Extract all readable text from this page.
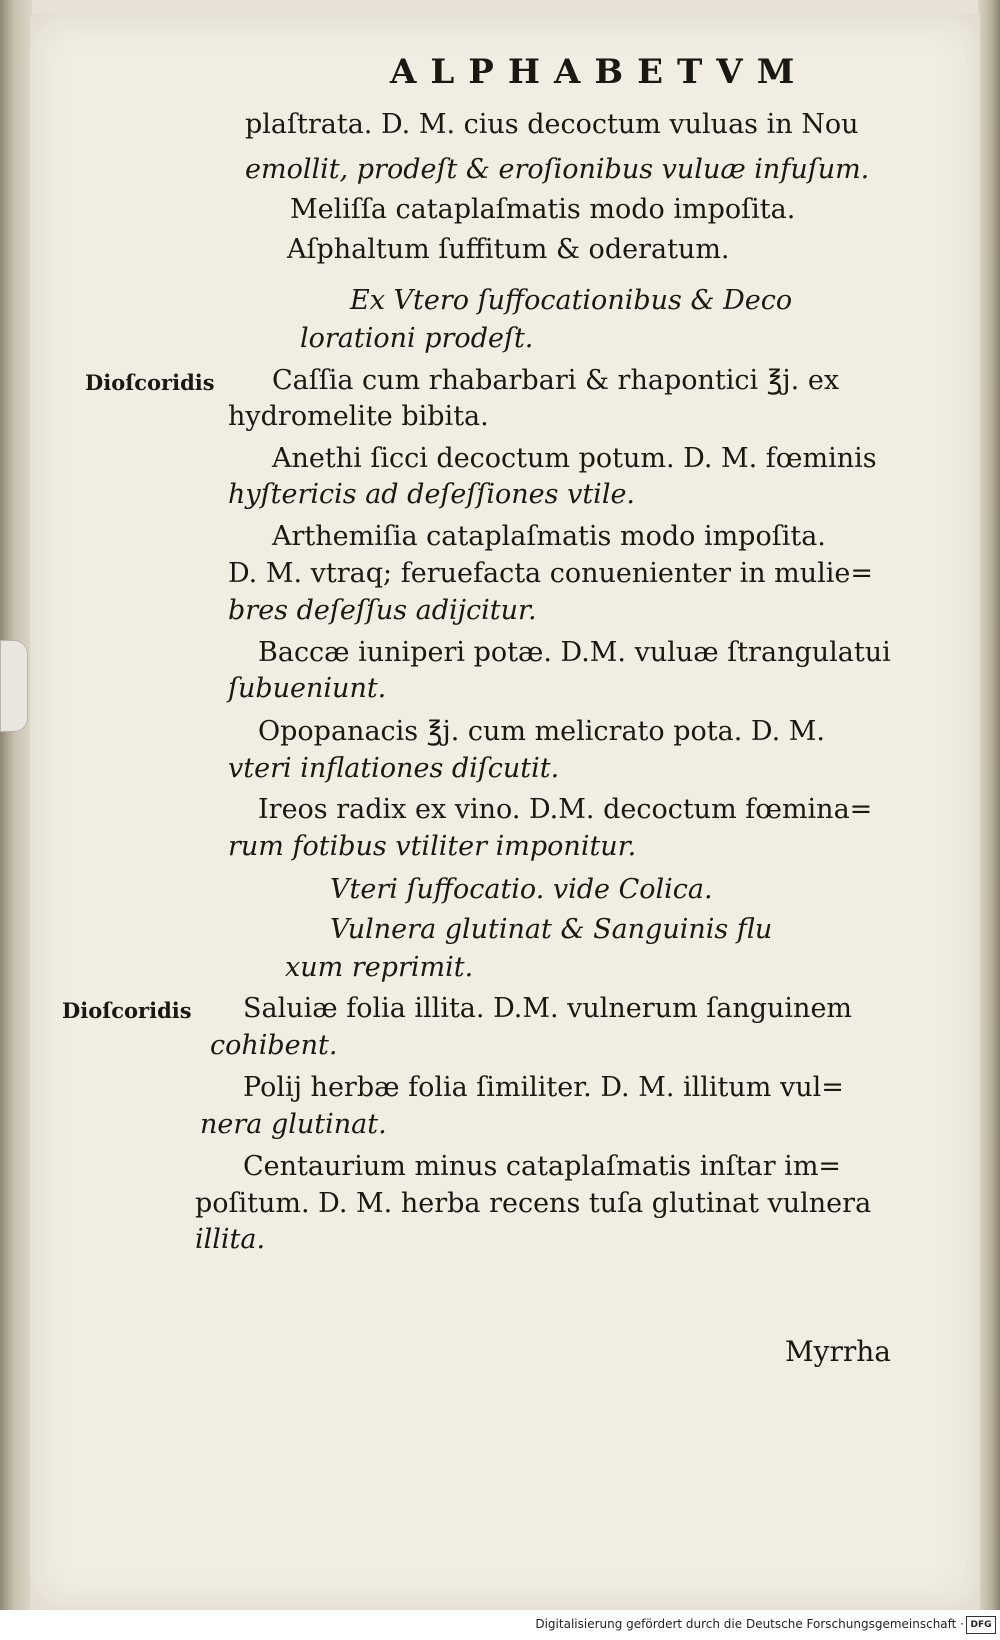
ALPHABETVM
plaſtrata. D. M. cius decoctum vuluas in Nou
emollit, prodeſt & eroſionibus vuluæ infuſum.
Meliſſa cataplaſmatis modo impoſita.
Aſphaltum ſuffitum & oderatum.
Ex Vtero ſuffocationibus & Deco
lorationi prodeſt.
Dioſcoridis Caſſia cum rhabarbari & rhapontici ℥j. ex
hydromelite bibita.
Anethi ſicci decoctum potum. D. M. fœminis
hyſtericis ad deſeſſiones vtile.
Arthemiſia cataplaſmatis modo impoſita.
D. M. vtraq; feruefacta conuenienter in mulie=
bres deſeſſus adijcitur.
Baccæ iuniperi potæ. D.M. vuluæ ſtrangulatui
ſubueniunt.
Opopanacis ℥j. cum melicrato pota. D. M.
vteri inflationes diſcutit.
Ireos radix ex vino. D.M. decoctum fœmina=
rum fotibus vtiliter imponitur.
Vteri ſuffocatio. vide Colica.
Vulnera glutinat & Sanguinis flu
xum reprimit.
Dioſcoridis Saluiæ folia illita. D.M. vulnerum ſanguinem
cohibent.
Polij herbæ folia ſimiliter. D. M. illitum vul=
nera glutinat.
Centaurium minus cataplaſmatis inſtar im=
poſitum. D. M. herba recens tuſa glutinat vulnera
illita.
Myrrha
Digitalisierung gefördert durch die Deutsche Forschungsgemeinschaft · DFG
